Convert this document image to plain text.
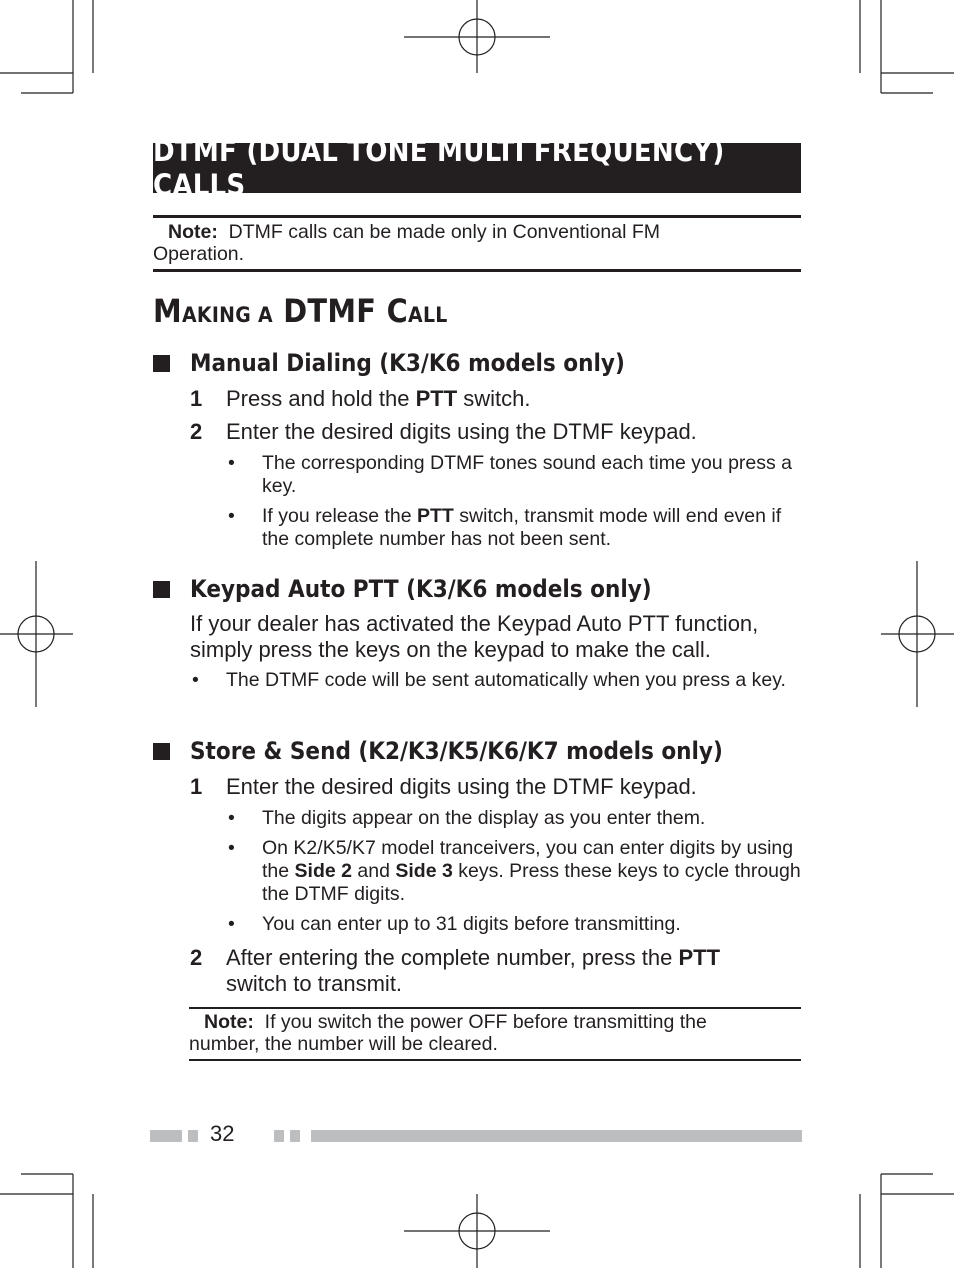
DTMF (DUAL TONE MULTI FREQUENCY) CALLS
Note: DTMF calls can be made only in Conventional FM
Operation.
MAKING A DTMF CALL
Manual Dialing (K3/K6 models only)
1	Press and hold the PTT switch.
2	Enter the desired digits using the DTMF keypad.
•	The corresponding DTMF tones sound each time you press a key.
•	If you release the PTT switch, transmit mode will end even if the complete number has not been sent.
Keypad Auto PTT (K3/K6 models only)
If your dealer has activated the Keypad Auto PTT function, simply press the keys on the keypad to make the call.
•	The DTMF code will be sent automatically when you press a key.
Store & Send (K2/K3/K5/K6/K7 models only)
1	Enter the desired digits using the DTMF keypad.
•	The digits appear on the display as you enter them.
•	On K2/K5/K7 model tranceivers, you can enter digits by using the Side 2 and Side 3 keys. Press these keys to cycle through the DTMF digits.
•	You can enter up to 31 digits before transmitting.
2	After entering the complete number, press the PTT switch to transmit.
Note: If you switch the power OFF before transmitting the
number, the number will be cleared.
32
